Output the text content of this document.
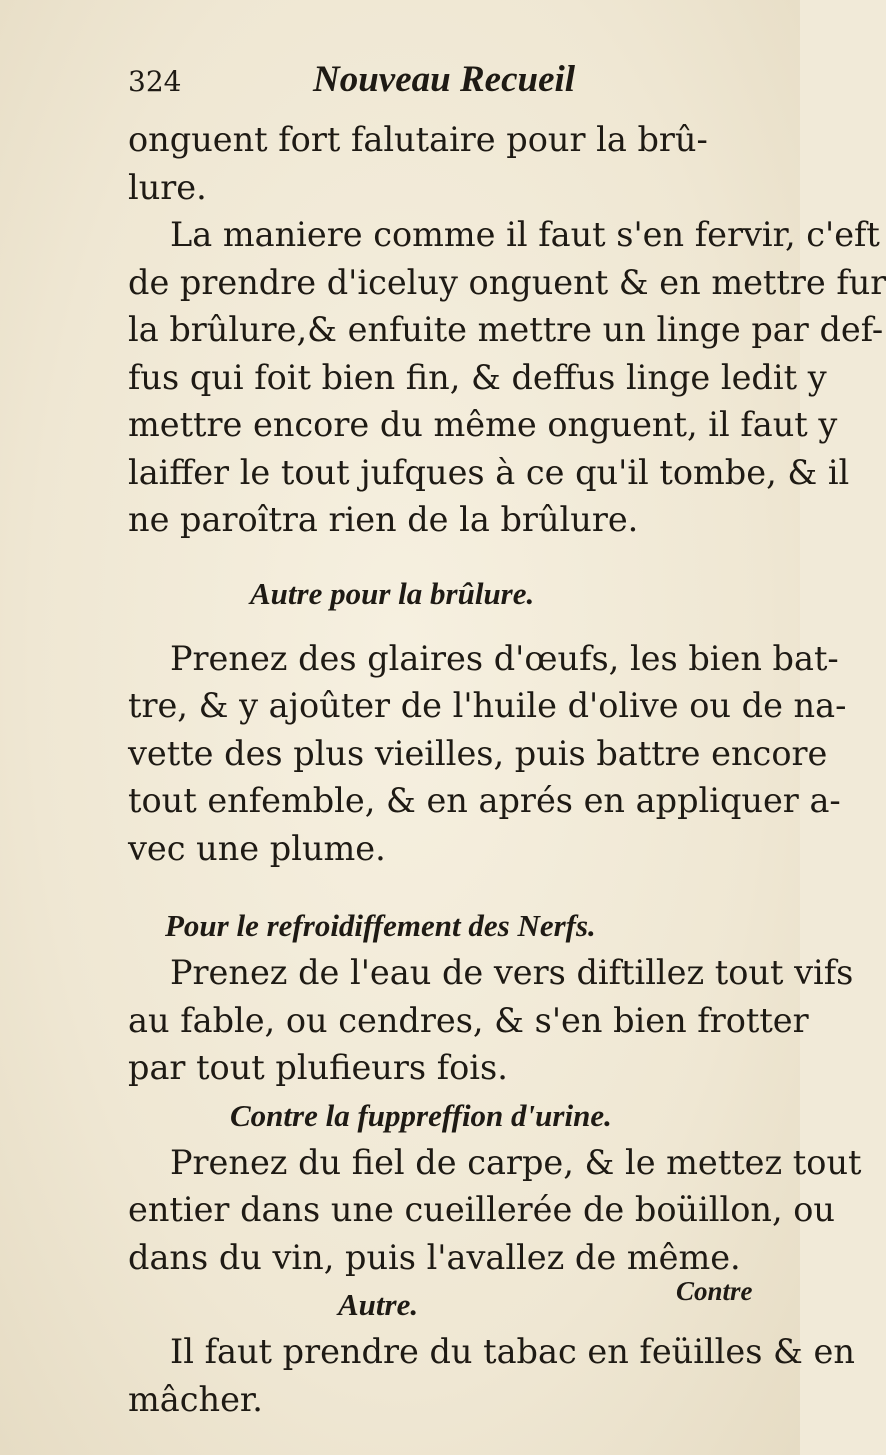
324	Nouveau Recueil
onguent fort falutaire pour la brû-
lure.
La maniere comme il faut s'en fervir, c'eft
de prendre d'iceluy onguent & en mettre fur
la brûlure,& enfuite mettre un linge par def-
fus qui foit bien fin, & deffus linge ledit y
mettre encore du même onguent, il faut y
laiffer le tout jufques à ce qu'il tombe, & il
ne paroîtra rien de la brûlure.
Autre pour la brûlure.
Prenez des glaires d'œufs, les bien bat-
tre, & y ajoûter de l'huile d'olive ou de na-
vette des plus vieilles, puis battre encore
tout enfemble, & en aprés en appliquer a-
vec une plume.
Pour le refroidiffement des Nerfs.
Prenez de l'eau de vers diftillez tout vifs
au fable, ou cendres, & s'en bien frotter
par tout plufieurs fois.
Contre la fuppreffion d'urine.
Prenez du fiel de carpe, & le mettez tout
entier dans une cueillerée de boüillon, ou
dans du vin, puis l'avallez de même.
Autre.
Il faut prendre du tabac en feüilles & en
mâcher.
Contre
